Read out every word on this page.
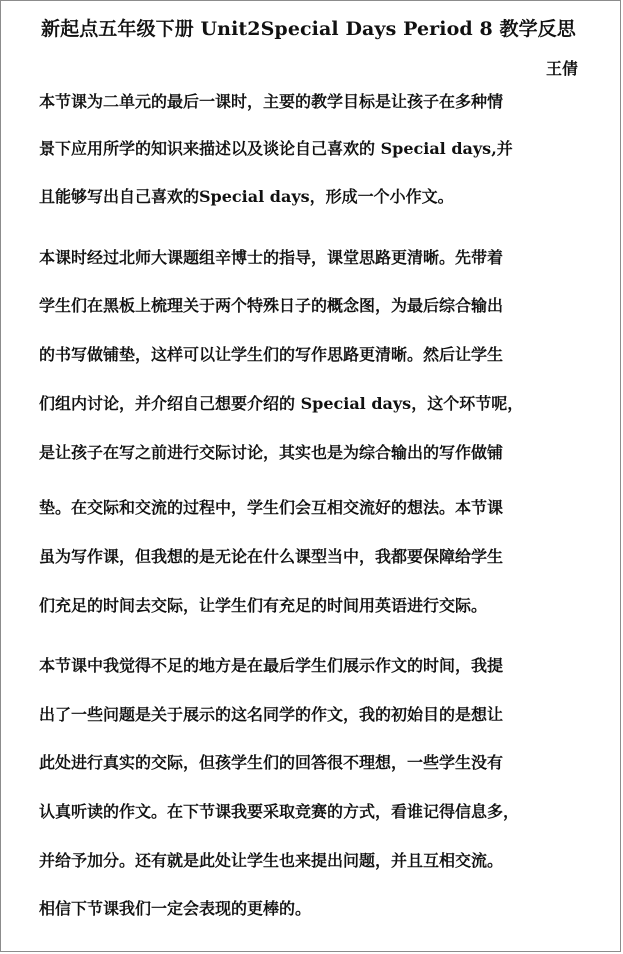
新起点五年级下册 Unit2Special Days Period 8 教学反思
王倩
本节课为二单元的最后一课时，主要的教学目标是让孩子在多种情
景下应用所学的知识来描述以及谈论自己喜欢的 Special days,并
且能够写出自己喜欢的Special days，形成一个小作文。
本课时经过北师大课题组辛博士的指导，课堂思路更清晰。先带着
学生们在黑板上梳理关于两个特殊日子的概念图，为最后综合输出
的书写做铺垫，这样可以让学生们的写作思路更清晰。然后让学生
们组内讨论，并介绍自己想要介绍的 Special days，这个环节呢，
是让孩子在写之前进行交际讨论，其实也是为综合输出的写作做铺
垫。在交际和交流的过程中，学生们会互相交流好的想法。本节课
虽为写作课，但我想的是无论在什么课型当中，我都要保障给学生
们充足的时间去交际，让学生们有充足的时间用英语进行交际。
本节课中我觉得不足的地方是在最后学生们展示作文的时间，我提
出了一些问题是关于展示的这名同学的作文，我的初始目的是想让
此处进行真实的交际，但孩学生们的回答很不理想，一些学生没有
认真听读的作文。在下节课我要采取竞赛的方式，看谁记得信息多，
并给予加分。还有就是此处让学生也来提出问题，并且互相交流。
相信下节课我们一定会表现的更棒的。
